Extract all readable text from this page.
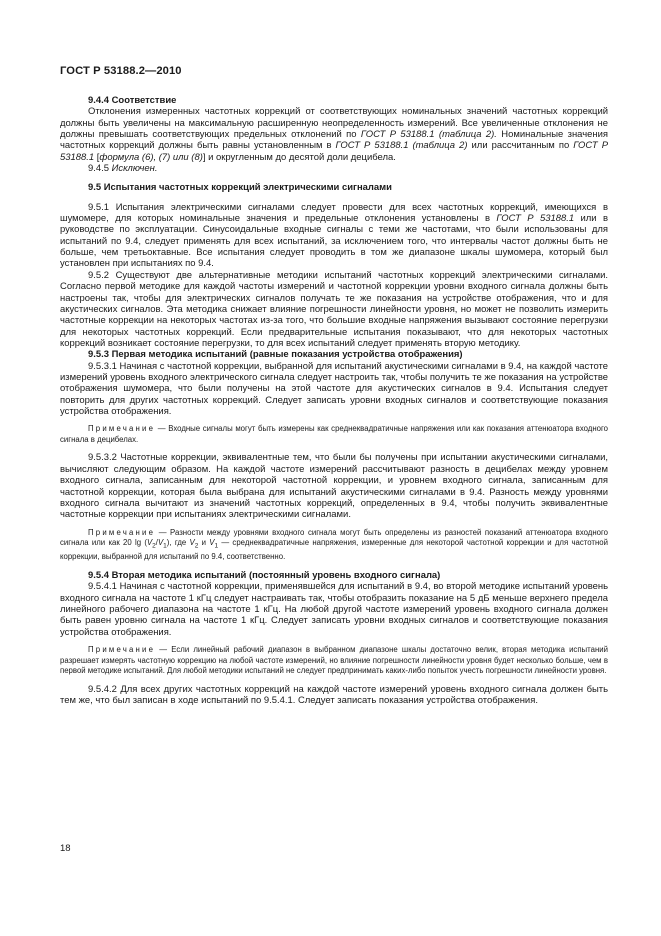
ГОСТ Р 53188.2—2010

9.4.4 Соответствие

Отклонения измеренных частотных коррекций от соответствующих номинальных значений частотных коррекций должны быть увеличены на максимальную расширенную неопределенность измерений. Все увеличенные отклонения не должны превышать соответствующих предельных отклонений по ГОСТ Р 53188.1 (таблица 2). Номинальные значения частотных коррекций должны быть равны установленным в ГОСТ Р 53188.1 (таблица 2) или рассчитанным по ГОСТ Р 53188.1 [формула (6), (7) или (8)] и округленным до десятой доли децибела.

9.4.5 Исключен.

9.5 Испытания частотных коррекций электрическими сигналами

9.5.1 Испытания электрическими сигналами следует провести для всех частотных коррекций, имеющихся в шумомере, для которых номинальные значения и предельные отклонения установлены в ГОСТ Р 53188.1 или в руководстве по эксплуатации. Синусоидальные входные сигналы с теми же частотами, что были использованы для испытаний по 9.4, следует применять для всех испытаний, за исключением того, что интервалы частот должны быть не больше, чем третьоктавные. Все испытания следует проводить в том же диапазоне шкалы шумомера, который был установлен при испытаниях по 9.4.

9.5.2 Существуют две альтернативные методики испытаний частотных коррекций электрическими сигналами. Согласно первой методике для каждой частоты измерений и частотной коррекции уровни входного сигнала должны быть настроены так, чтобы для электрических сигналов получать те же показания на устройстве отображения, что и для акустических сигналов. Эта методика снижает влияние погрешности линейности уровня, но может не позволить измерить частотные коррекции на некоторых частотах из-за того, что большие входные напряжения вызывают состояние перегрузки для некоторых частотных коррекций. Если предварительные испытания показывают, что для некоторых частотных коррекций возникает состояние перегрузки, то для всех испытаний следует применять вторую методику.

9.5.3 Первая методика испытаний (равные показания устройства отображения)

9.5.3.1 Начиная с частотной коррекции, выбранной для испытаний акустическими сигналами в 9.4, на каждой частоте измерений уровень входного электрического сигнала следует настроить так, чтобы получить те же показания на устройстве отображения шумомера, что были получены на этой частоте для акустических сигналов в 9.4. Испытания следует повторить для других частотных коррекций. Следует записать уровни входных сигналов и соответствующие показания устройства отображения.

Примечание — Входные сигналы могут быть измерены как среднеквадратичные напряжения или как показания аттенюатора входного сигнала в децибелах.

9.5.3.2 Частотные коррекции, эквивалентные тем, что были бы получены при испытании акустическими сигналами, вычисляют следующим образом. На каждой частоте измерений рассчитывают разность в децибелах между уровнем входного сигнала, записанным для некоторой частотной коррекции, и уровнем входного сигнала, записанным для частотной коррекции, которая была выбрана для испытаний акустическими сигналами в 9.4. Разность между уровнями входного сигнала вычитают из значений частотных коррекций, определенных в 9.4, чтобы получить эквивалентные частотные коррекции при испытаниях электрическими сигналами.

Примечание — Разности между уровнями входного сигнала могут быть определены из разностей показаний аттенюатора входного сигнала или как 20 $\lg (V_2/V_1)$, где $V_2$ и $V_1$ — среднеквадратичные напряжения, измеренные для некоторой частотной коррекции и для частотной коррекции, выбранной для испытаний по 9.4, соответственно.

9.5.4 Вторая методика испытаний (постоянный уровень входного сигнала)

9.5.4.1 Начиная с частотной коррекции, применявшейся для испытаний в 9.4, во второй методике испытаний уровень входного сигнала на частоте 1 кГц следует настраивать так, чтобы отобразить показание на 5 дБ меньше верхнего предела линейного рабочего диапазона на частоте 1 кГц. На любой другой частоте измерений уровень входного сигнала должен быть равен уровню сигнала на частоте 1 кГц. Следует записать уровни входных сигналов и соответствующие показания устройства отображения.

Примечание — Если линейный рабочий диапазон в выбранном диапазоне шкалы достаточно велик, вторая методика испытаний разрешает измерять частотную коррекцию на любой частоте измерений, но влияние погрешности линейности уровня будет несколько больше, чем в первой методике испытаний. Для любой методики испытаний не следует предпринимать каких-либо попыток учесть погрешности линейности уровня.

9.5.4.2 Для всех других частотных коррекций на каждой частоте измерений уровень входного сигнала должен быть тем же, что был записан в ходе испытаний по 9.5.4.1. Следует записать показания устройства отображения.

18
